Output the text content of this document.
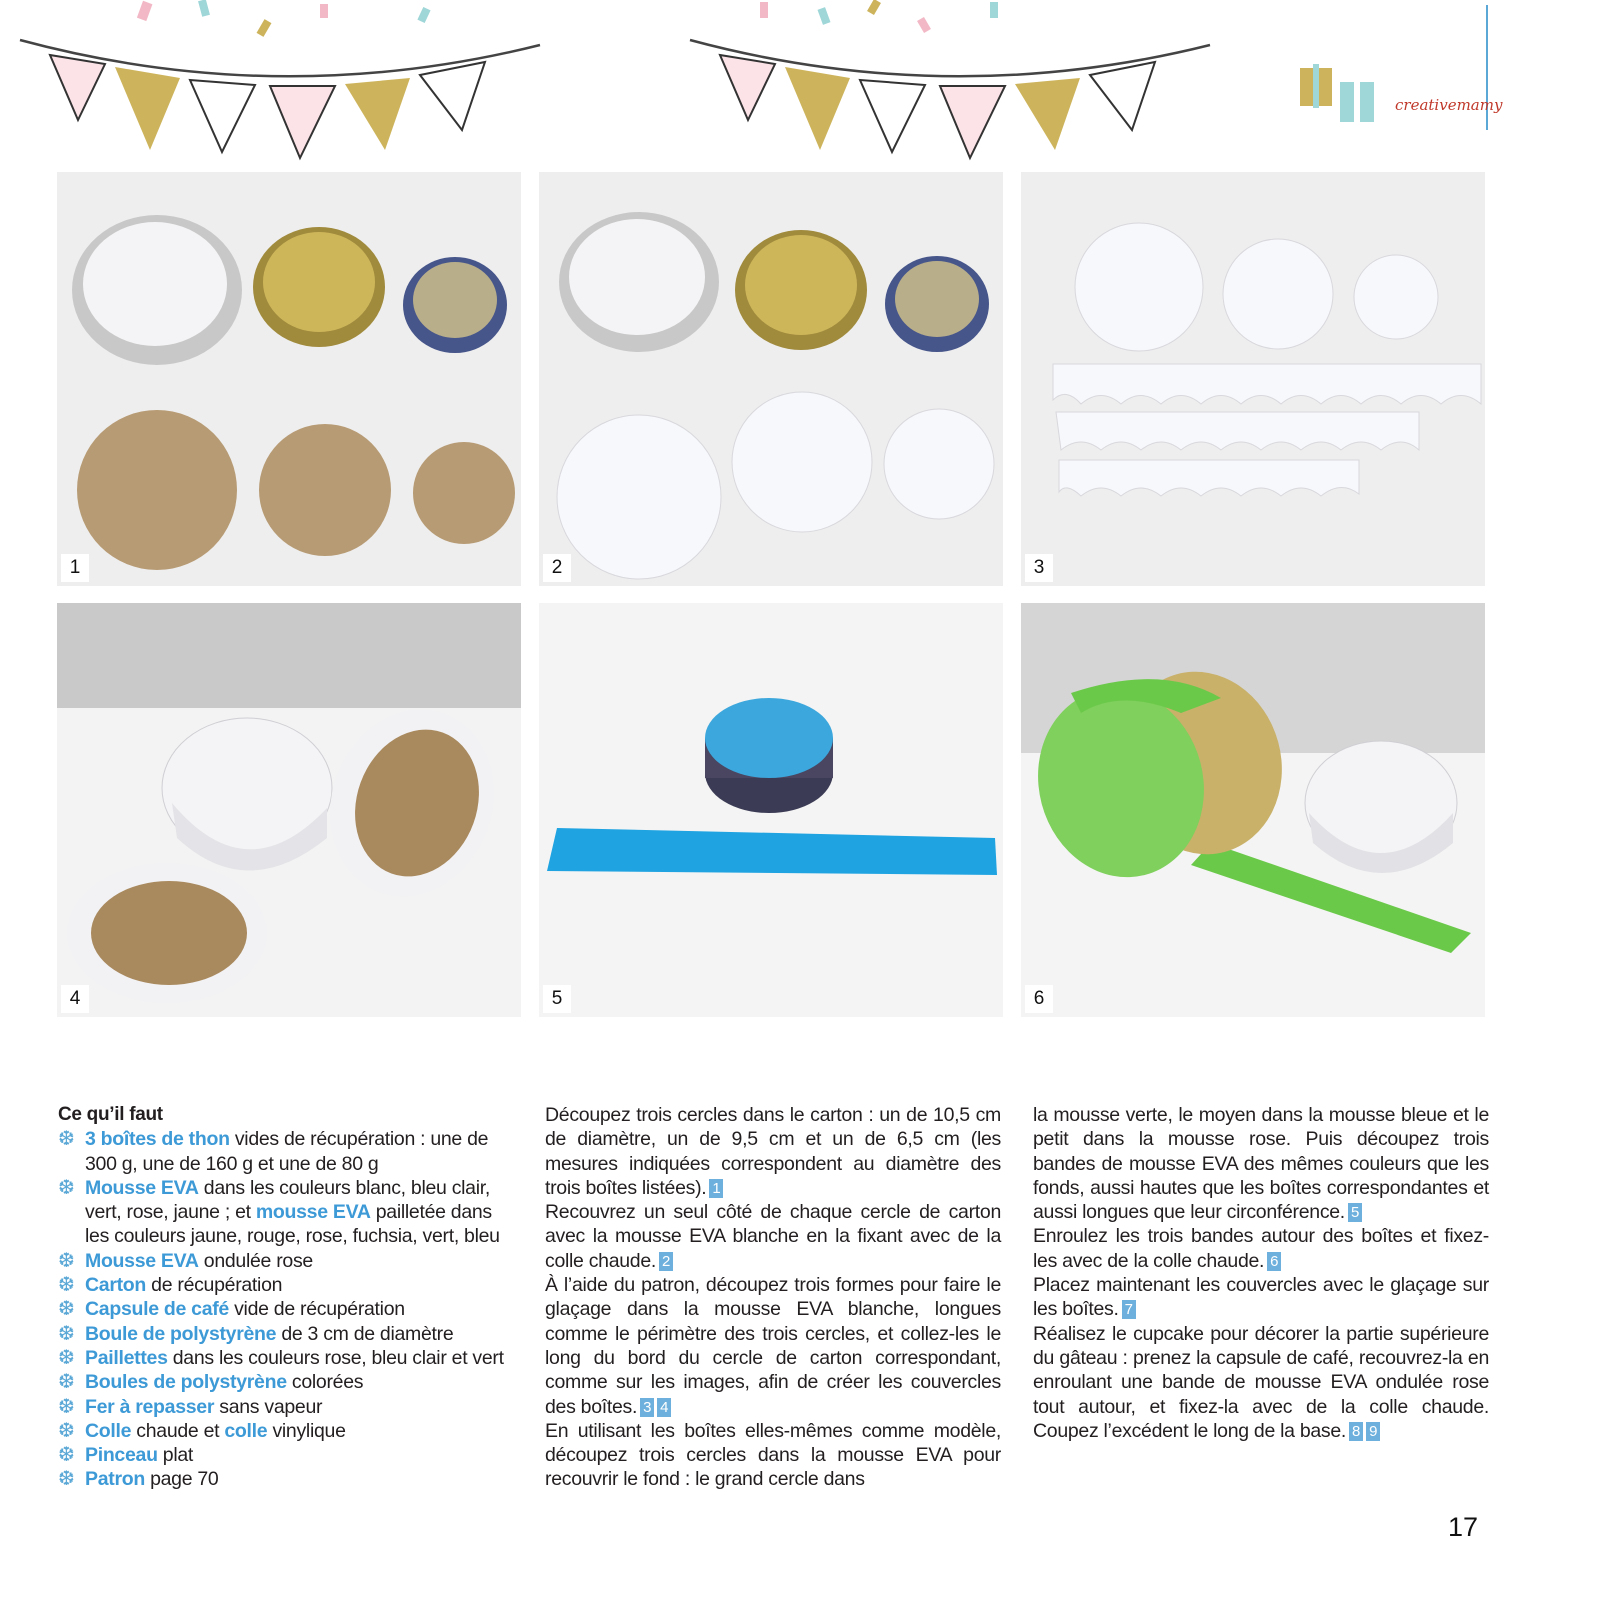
creativemamy
1	2	3
4	5	6
Ce qu’il faut
❆ 3 boîtes de thon vides de récupération : une de 300 g, une de 160 g et une de 80 g
❆ Mousse EVA dans les couleurs blanc, bleu clair, vert, rose, jaune ; et mousse EVA pailletée dans les couleurs jaune, rouge, rose, fuchsia, vert, bleu
❆ Mousse EVA ondulée rose
❆ Carton de récupération
❆ Capsule de café vide de récupération
❆ Boule de polystyrène de 3 cm de diamètre
❆ Paillettes dans les couleurs rose, bleu clair et vert
❆ Boules de polystyrène colorées
❆ Fer à repasser sans vapeur
❆ Colle chaude et colle vinylique
❆ Pinceau plat
❆ Patron page 70

Découpez trois cercles dans le carton : un de 10,5 cm de diamètre, un de 9,5 cm et un de 6,5 cm (les mesures indiquées correspondent au diamètre des trois boîtes listées). 1

Recouvrez un seul côté de chaque cercle de carton avec la mousse EVA blanche en la fixant avec de la colle chaude. 2

À l’aide du patron, découpez trois formes pour faire le glaçage dans la mousse EVA blanche, longues comme le périmètre des trois cercles, et collez-les le long du bord du cercle de carton correspondant, comme sur les images, afin de créer les couvercles des boîtes. 3 4

En utilisant les boîtes elles-mêmes comme modèle, découpez trois cercles dans la mousse EVA pour recouvrir le fond : le grand cercle dans

la mousse verte, le moyen dans la mousse bleue et le petit dans la mousse rose. Puis découpez trois bandes de mousse EVA des mêmes couleurs que les fonds, aussi hautes que les boîtes correspondantes et aussi longues que leur circonférence. 5

Enroulez les trois bandes autour des boîtes et fixez-les avec de la colle chaude. 6

Placez maintenant les couvercles avec le glaçage sur les boîtes. 7

Réalisez le cupcake pour décorer la partie supérieure du gâteau : prenez la capsule de café, recouvrez-la en enroulant une bande de mousse EVA ondulée rose tout autour, et fixez-la avec de la colle chaude. Coupez l’excédent le long de la base. 8 9

17
